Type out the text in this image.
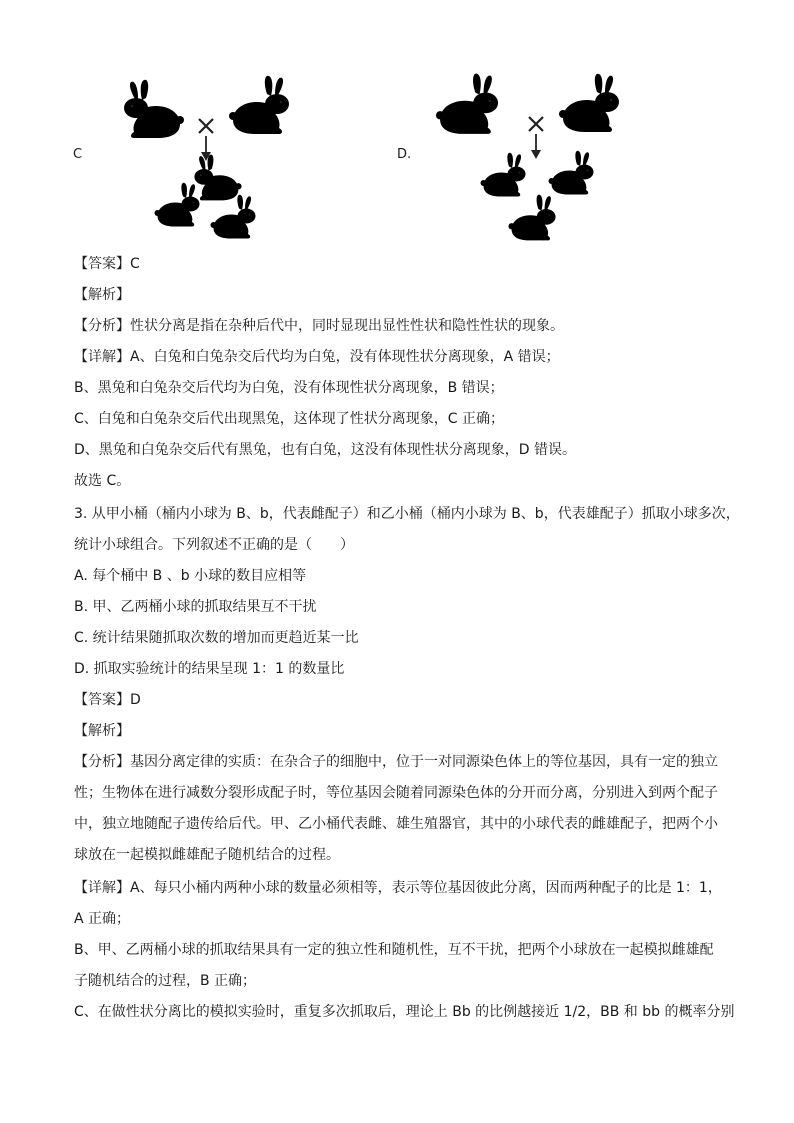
C	D.
【答案】C
【解析】
【分析】性状分离是指在杂种后代中，同时显现出显性性状和隐性性状的现象。
【详解】A、白兔和白兔杂交后代均为白兔，没有体现性状分离现象，A 错误；
B、黑兔和白兔杂交后代均为白兔，没有体现性状分离现象，B 错误；
C、白兔和白兔杂交后代出现黑兔，这体现了性状分离现象，C 正确；
D、黑兔和白兔杂交后代有黑兔，也有白兔，这没有体现性状分离现象，D 错误。
故选 C。
3. 从甲小桶（桶内小球为 B、b，代表雌配子）和乙小桶（桶内小球为 B、b，代表雄配子）抓取小球多次，
统计小球组合。下列叙述不正确的是（　　）
A. 每个桶中 B 、b 小球的数目应相等
B. 甲、乙两桶小球的抓取结果互不干扰
C. 统计结果随抓取次数的增加而更趋近某一比
D. 抓取实验统计的结果呈现 1：1 的数量比
【答案】D
【解析】
【分析】基因分离定律的实质：在杂合子的细胞中，位于一对同源染色体上的等位基因，具有一定的独立
性；生物体在进行减数分裂形成配子时，等位基因会随着同源染色体的分开而分离，分别进入到两个配子
中，独立地随配子遗传给后代。甲、乙小桶代表雌、雄生殖器官，其中的小球代表的雌雄配子，把两个小
球放在一起模拟雌雄配子随机结合的过程。
【详解】A、每只小桶内两种小球的数量必须相等，表示等位基因彼此分离，因而两种配子的比是 1：1，
A 正确；
B、甲、乙两桶小球的抓取结果具有一定的独立性和随机性，互不干扰，把两个小球放在一起模拟雌雄配
子随机结合的过程，B 正确；
C、在做性状分离比的模拟实验时，重复多次抓取后，理论上 Bb 的比例越接近 1/2，BB 和 bb 的概率分别
